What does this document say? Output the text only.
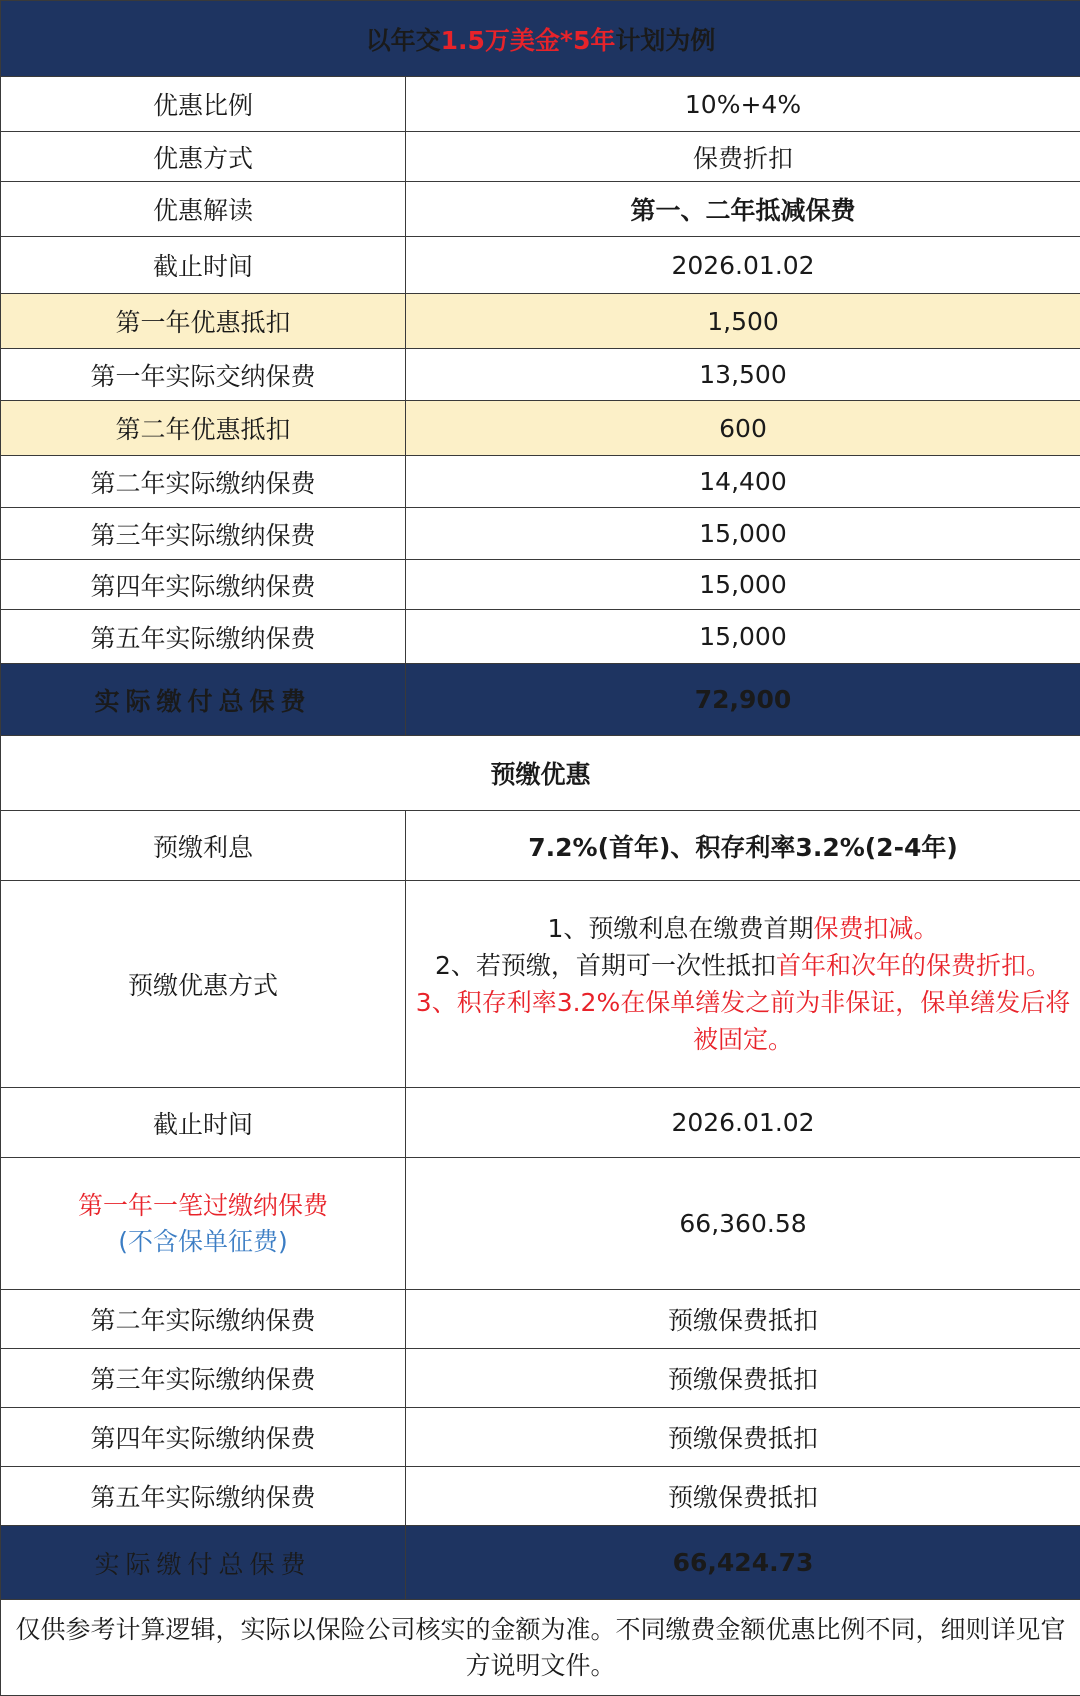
以年交1.5万美金*5年计划为例	
优惠比例	10%+4%
优惠方式	保费折扣
优惠解读	第一、二年抵减保费
截止时间	2026.01.02
第一年优惠抵扣	1,500
第一年实际交纳保费	13,500
第二年优惠抵扣	600
第二年实际缴纳保费	14,400
第三年实际缴纳保费	15,000
第四年实际缴纳保费	15,000
第五年实际缴纳保费	15,000
实际缴付总保费	72,900
预缴优惠	
预缴利息	7.2%(首年)、积存利率3.2%(2-4年)
预缴优惠方式	1、预缴利息在缴费首期保费扣减。
2、若预缴，首期可一次性抵扣首年和次年的保费折扣。
3、积存利率3.2%在保单缮发之前为非保证，保单缮发后将被固定。

截止时间	2026.01.02

第一年一笔过缴纳保费
(不含保单征费)	66,360.58
第二年实际缴纳保费	预缴保费抵扣
第三年实际缴纳保费	预缴保费抵扣
第四年实际缴纳保费	预缴保费抵扣
第五年实际缴纳保费	预缴保费抵扣
实际缴付总保费	66,424.73
仅供参考计算逻辑，实际以保险公司核实的金额为准。不同缴费金额优惠比例不同，细则详见官方说明文件。	
